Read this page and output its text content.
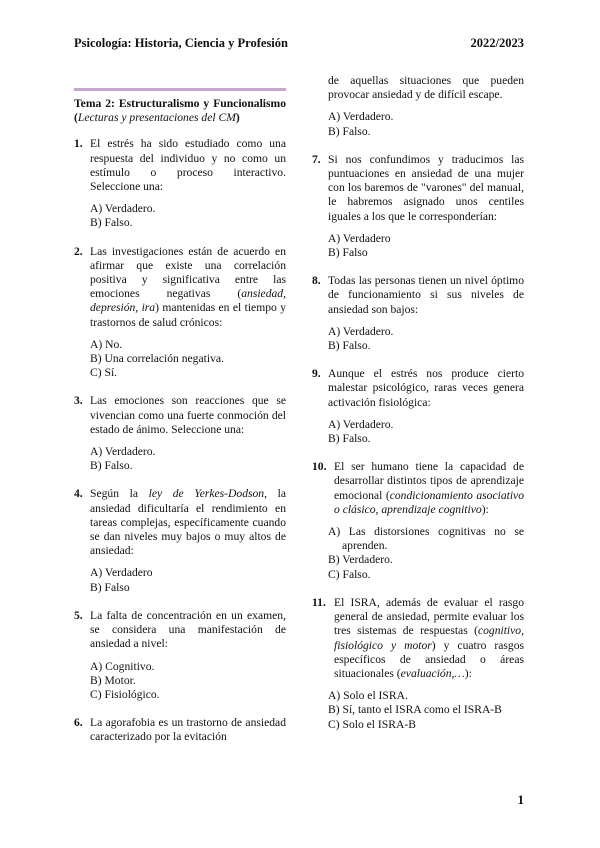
Psicología: Historia, Ciencia y Profesión	2022/2023
Tema 2: Estructuralismo y Funcionalismo (Lecturas y presentaciones del CM)
1. El estrés ha sido estudiado como una respuesta del individuo y no como un estímulo o proceso interactivo. Seleccione una:
A) Verdadero.
B) Falso.
2. Las investigaciones están de acuerdo en afirmar que existe una correlación positiva y significativa entre las emociones negativas (ansiedad, depresión, ira) mantenidas en el tiempo y trastornos de salud crónicos:
A) No.
B) Una correlación negativa.
C) Sí.
3. Las emociones son reacciones que se vivencian como una fuerte conmoción del estado de ánimo. Seleccione una:
A) Verdadero.
B) Falso.
4. Según la ley de Yerkes-Dodson, la ansiedad dificultaría el rendimiento en tareas complejas, específicamente cuando se dan niveles muy bajos o muy altos de ansiedad:
A) Verdadero
B) Falso
5. La falta de concentración en un examen, se considera una manifestación de ansiedad a nivel:
A) Cognitivo.
B) Motor.
C) Fisiológico.
6. La agorafobia es un trastorno de ansiedad caracterizado por la evitación
de aquellas situaciones que pueden provocar ansiedad y de difícil escape.
A) Verdadero.
B) Falso.
7. Si nos confundimos y traducimos las puntuaciones en ansiedad de una mujer con los baremos de "varones" del manual, le habremos asignado unos centiles iguales a los que le corresponderían:
A) Verdadero
B) Falso
8. Todas las personas tienen un nivel óptimo de funcionamiento si sus niveles de ansiedad son bajos:
A) Verdadero.
B) Falso.
9. Aunque el estrés nos produce cierto malestar psicológico, raras veces genera activación fisiológica:
A) Verdadero.
B) Falso.
10. El ser humano tiene la capacidad de desarrollar distintos tipos de aprendizaje emocional (condicionamiento asociativo o clásico, aprendizaje cognitivo):
A) Las distorsiones cognitivas no se aprenden.
B) Verdadero.
C) Falso.
11. El ISRA, además de evaluar el rasgo general de ansiedad, permite evaluar los tres sistemas de respuestas (cognitivo, fisiológico y motor) y cuatro rasgos específicos de ansiedad o áreas situacionales (evaluación,…):
A) Solo el ISRA.
B) Sí, tanto el ISRA como el ISRA-B
C) Solo el ISRA-B
1
